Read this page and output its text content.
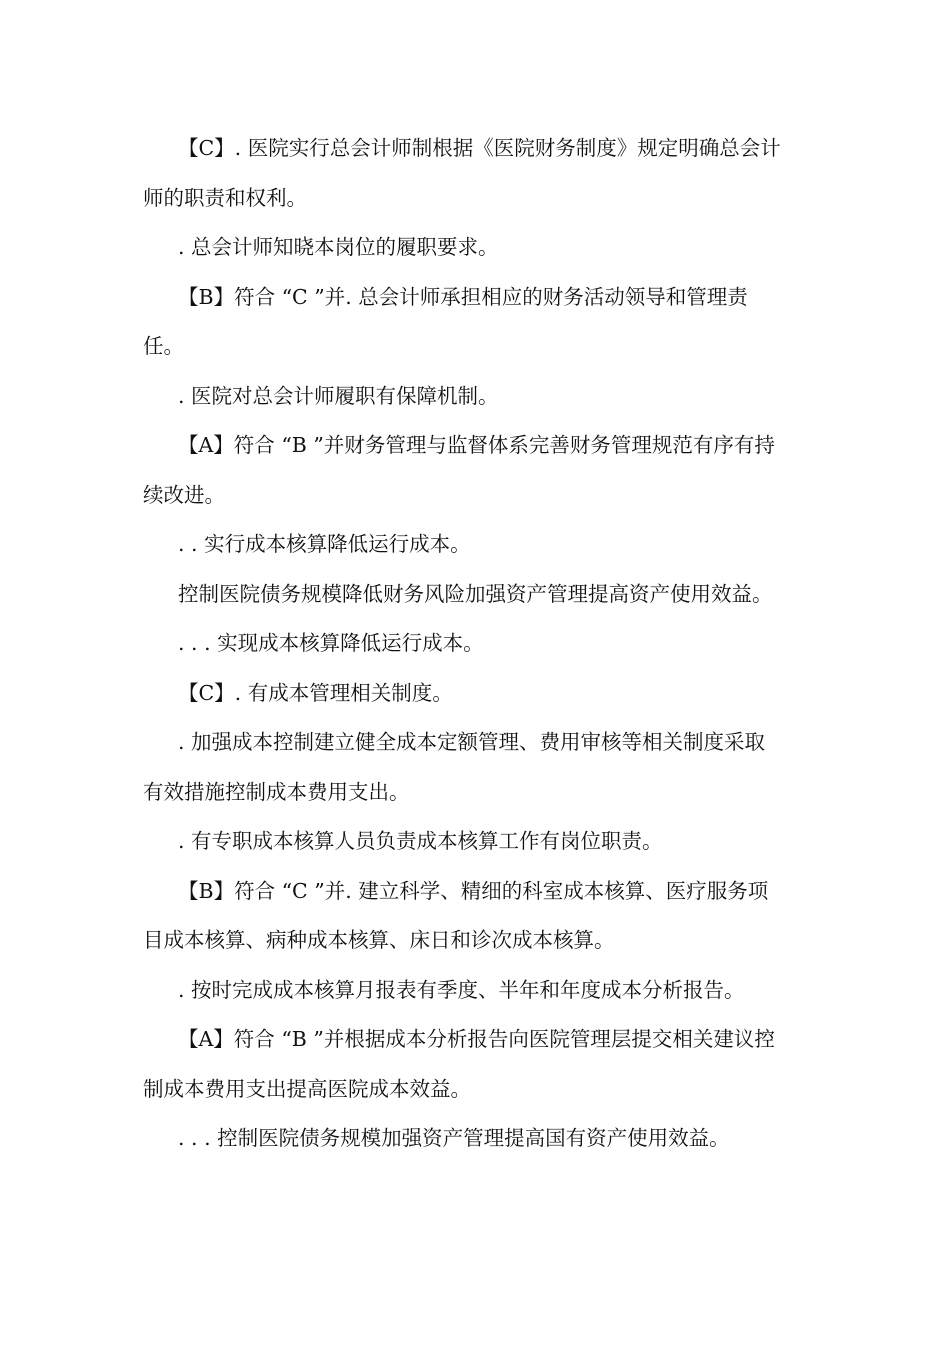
【C】. 医院实行总会计师制根据《医院财务制度》规定明确总会计师的职责和权利。

. 总会计师知晓本岗位的履职要求。

【B】符合 “C ”并. 总会计师承担相应的财务活动领导和管理责任。

. 医院对总会计师履职有保障机制。

【A】符合 “B ”并财务管理与监督体系完善财务管理规范有序有持续改进。

. . 实行成本核算降低运行成本。

控制医院债务规模降低财务风险加强资产管理提高资产使用效益。

. . . 实现成本核算降低运行成本。

【C】. 有成本管理相关制度。

. 加强成本控制建立健全成本定额管理、费用审核等相关制度采取有效措施控制成本费用支出。

. 有专职成本核算人员负责成本核算工作有岗位职责。

【B】符合 “C ”并. 建立科学、精细的科室成本核算、医疗服务项目成本核算、病种成本核算、床日和诊次成本核算。

. 按时完成成本核算月报表有季度、半年和年度成本分析报告。

【A】符合 “B ”并根据成本分析报告向医院管理层提交相关建议控制成本费用支出提高医院成本效益。

. . . 控制医院债务规模加强资产管理提高国有资产使用效益。
